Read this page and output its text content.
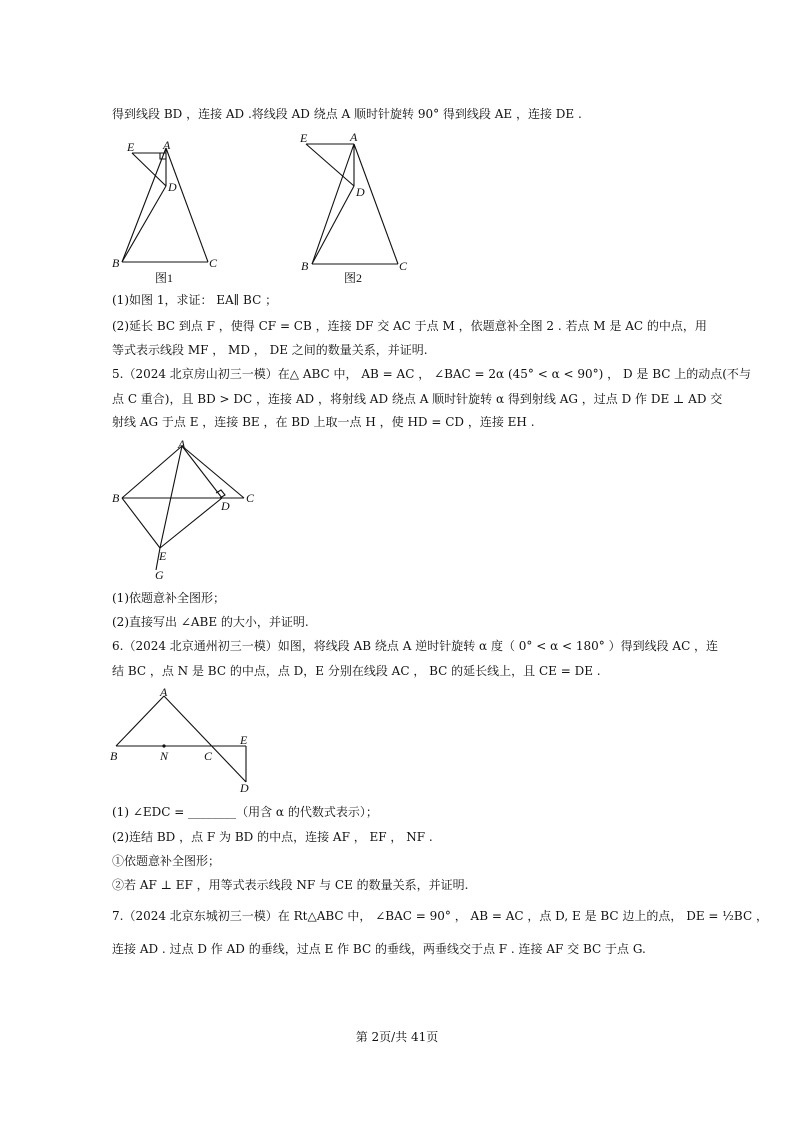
得到线段 BD ，连接 AD .将线段 AD 绕点 A 顺时针旋转 90° 得到线段 AE ，连接 DE .
E A
D
B	C
图1
E	A
D
B	C
图2
(1)如图 1，求证： EA∥ BC ；
(2)延长 BC 到点 F ，使得 CF = CB ，连接 DF 交 AC 于点 M ，依题意补全图 2 . 若点 M 是 AC 的中点，用
等式表示线段 MF ， MD ， DE 之间的数量关系，并证明.
5.（2024 北京房山初三一模）在△ ABC 中， AB = AC ， ∠BAC = 2α (45° < α < 90°) ， D 是 BC 上的动点(不与
点 C 重合)，且 BD > DC ，连接 AD ，将射线 AD 绕点 A 顺时针旋转 α 得到射线 AG ，过点 D 作 DE ⊥ AD 交
射线 AG 于点 E ，连接 BE ，在 BD 上取一点 H ，使 HD = CD ，连接 EH .
A
B	C
D
E
G
(1)依题意补全图形；
(2)直接写出 ∠ABE 的大小，并证明.
6.（2024 北京通州初三一模）如图，将线段 AB 绕点 A 逆时针旋转 α 度（ 0° < α < 180° ）得到线段 AC ，连
结 BC ，点 N 是 BC 的中点，点 D，E 分别在线段 AC ， BC 的延长线上，且 CE = DE .
A
B	N	C
E
D
(1) ∠EDC = ________（用含 α 的代数式表示）；
(2)连结 BD ，点 F 为 BD 的中点，连接 AF ， EF ， NF .
①依题意补全图形；
②若 AF ⊥ EF ，用等式表示线段 NF 与 CE 的数量关系，并证明.
7.（2024 北京东城初三一模）在 Rt△ABC 中， ∠BAC = 90° ， AB = AC ，点 D, E 是 BC 边上的点， DE = ½BC ，
连接 AD . 过点 D 作 AD 的垂线，过点 E 作 BC 的垂线，两垂线交于点 F . 连接 AF 交 BC 于点 G.
第 2页/共 41页
